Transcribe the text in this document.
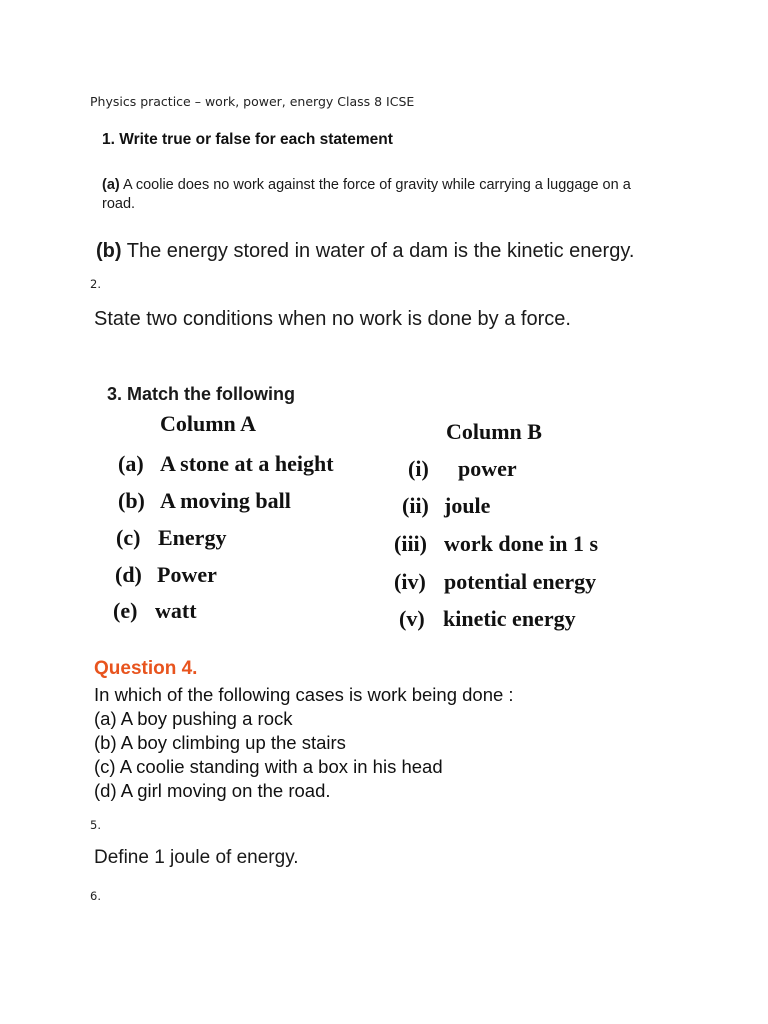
Physics practice – work, power, energy Class 8 ICSE
1. Write true or false for each statement
(a) A coolie does no work against the force of gravity while carrying a luggage on a
road.
(b) The energy stored in water of a dam is the kinetic energy.
2.
State two conditions when no work is done by a force.
3. Match the following
Column A
(a) A stone at a height
(b) A moving ball
(c) Energy
(d) Power
(e) watt
Column B
(i) power
(ii) joule
(iii) work done in 1 s
(iv) potential energy
(v) kinetic energy
Question 4.
In which of the following cases is work being done :
(a) A boy pushing a rock
(b) A boy climbing up the stairs
(c) A coolie standing with a box in his head
(d) A girl moving on the road.
5.
Define 1 joule of energy.
6.
